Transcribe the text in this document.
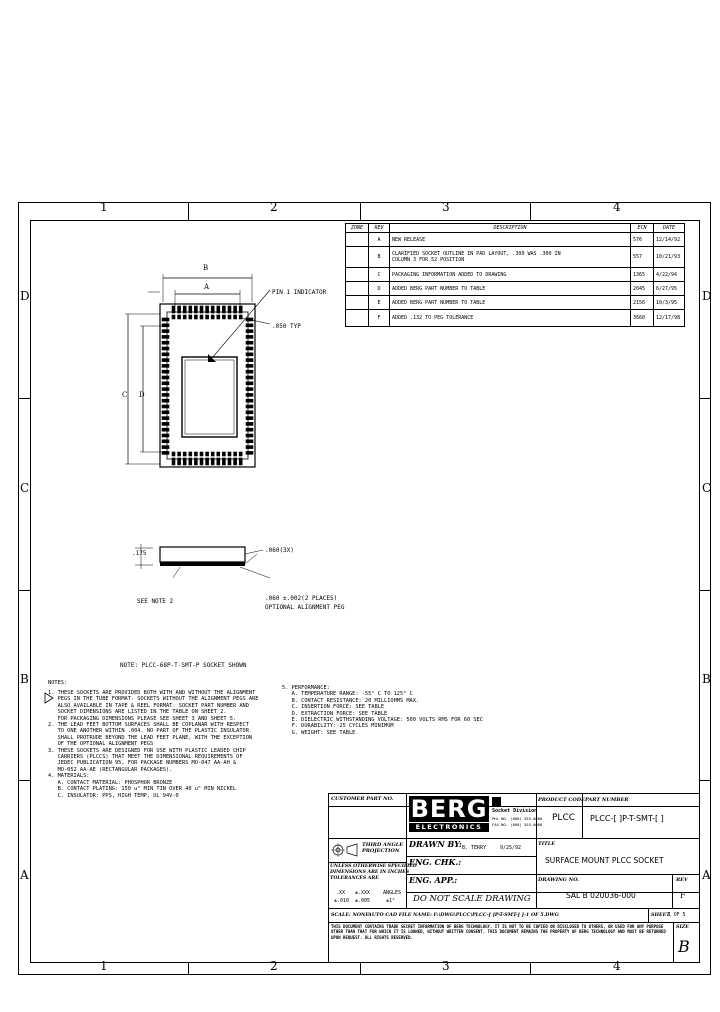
1	2	3	4
1	2	3	4
D
C
B
A
D
C
B
A
ZONE	REV	DESCRIPTION	ECN	DATE
	A	NEW RELEASE	576	12/14/92
	B	CLARIFIED SOCKET OUTLINE IN PAD LAYOUT, .300 WAS .300 IN
COLUMN 3 FOR 52 POSITION	557	10/21/93
	C	PACKAGING INFORMATION ADDED TO DRAWING	1365	4/22/94
	D	ADDED BERG PART NUMBER TO TABLE	2045	6/27/95
	E	ADDED BERG PART NUMBER TO TABLE	2156	10/3/95
	F	ADDED .132 TO PEG TOLERANCE	3660	12/17/98
B
A
C D
PIN 1 INDICATOR
.050 TYP
.175	.060(3X)
SEE NOTE 2	.060 ±.002(2 PLACES)
OPTIONAL ALIGNMENT PEG
NOTE: PLCC-68P-T-SMT-P SOCKET SHOWN
NOTES:
1. THESE SOCKETS ARE PROVIDED BOTH WITH AND WITHOUT THE ALIGNMENT
PEGS IN THE TUBE FORMAT. SOCKETS WITHOUT THE ALIGNMENT PEGS ARE
ALSO AVAILABLE IN TAPE & REEL FORMAT. SOCKET PART NUMBER AND
SOCKET DIMENSIONS ARE LISTED IN THE TABLE ON SHEET 2.
FOR PACKAGING DIMENSIONS PLEASE SEE SHEET 3 AND SHEET 5.
2. THE LEAD FEET BOTTOM SURFACES SHALL BE COPLANAR WITH RESPECT
TO ONE ANOTHER WITHIN .004. NO PART OF THE PLASTIC INSULATOR
SHALL PROTRUDE BEYOND THE LEAD FEET PLANE, WITH THE EXCEPTION
OF THE OPTIONAL ALIGNMENT PEGS
3. THESE SOCKETS ARE DESIGNED FOR USE WITH PLASTIC LEADED CHIP
CARRIERS (PLCCS) THAT MEET THE DIMENSIONAL REQUIREMENTS OF
JEDEC PUBLICATION 95, FOR PACKAGE NUMBERS MO-047 AA-AH &
MO-052 AA-AE (RECTANGULAR PACKAGES).
4. MATERIALS:
A. CONTACT MATERIAL: PHOSPHOR BRONZE
B. CONTACT PLATING: 150 u" MIN TIN OVER 40 u" MIN NICKEL
C. INSULATOR: PPS, HIGH TEMP, UL 94V-0
5. PERFORMANCE:
A. TEMPERATURE RANGE: -55° C TO 125° C
B. CONTACT RESISTANCE: 20 MILLIOHMS MAX.
C. INSERTION FORCE: SEE TABLE
D. EXTRACTION FORCE: SEE TABLE
E. DIELECTRIC WITHSTANDING VOLTAGE: 500 VOLTS RMS FOR 60 SEC
F. DURABILITY: 25 CYCLES MINIMUM
G. WEIGHT: SEE TABLE
CUSTOMER PART NO. BERG
ELECTRONICS
Socket Division
PHL NO. (800) 555-0000
FAX NO. (800) 555-0000
PRODUCT CODE
PLCC
PART NUMBER
PLCC-[ ]P-T-SMT-[ ]
THIRD ANGLE
PROJECTION
UNLESS OTHERWISE SPECIFIED
DIMENSIONS ARE IN INCHES
TOLERANCES ARE
.XX ±.XXX	ANGLES
±.010 ±.005	±1°
DRAWN BY: B. TERRY	9/25/92
ENG. CHK.:
ENG. APP.:
DO NOT SCALE DRAWING
TITLE
SURFACE MOUNT PLCC SOCKET
DRAWING NO.
SAL B 020036-000
REV
F
SCALE: NONE
AUTO CAD FILE NAME: F:\DWG\PLCC\PLCC-[ ]P-T-SMT-[ ]-1 OF 5.DWG	SHEET
1 OF 5
THIS DOCUMENT CONTAINS TRADE SECRET INFORMATION OF BERG TECHNOLOGY. IT IS NOT TO BE COPIED OR DISCLOSED TO OTHERS, OR USED FOR ANY PURPOSE OTHER THAN THAT FOR WHICH IT IS LOANED, WITHOUT WRITTEN CONSENT. THIS DOCUMENT REMAINS THE PROPERTY OF BERG TECHNOLOGY AND MUST BE RETURNED UPON REQUEST. ALL RIGHTS RESERVED.
SIZE
B
